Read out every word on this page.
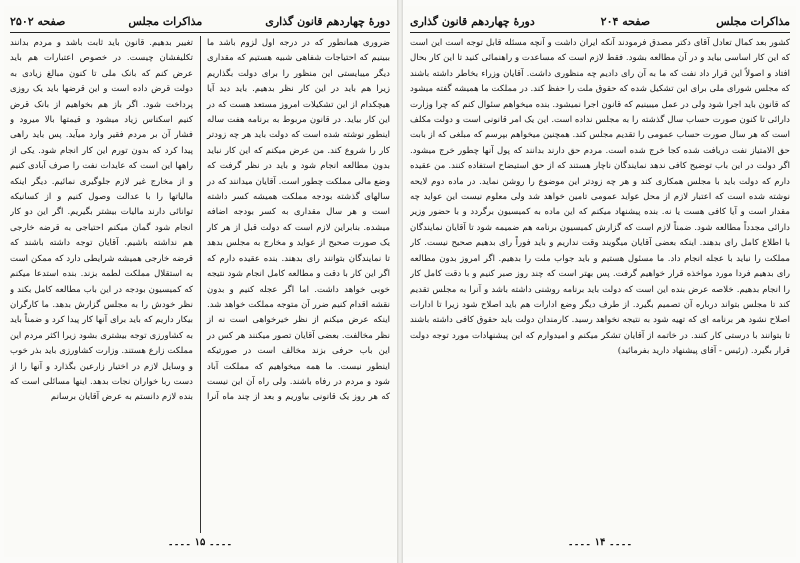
دورهٔ چهاردهم قانون گذاری
مذاکرات مجلس
صفحه ۲۵۰۲
ضروری همانطور که در درجه اول لزوم باشد ما ببینیم که احتیاجات شفاهی شبیه هستیم که مقداری دیگر میبایستی این منظور را برای دولت بگذاریم زیرا هم باید در این کار نظر بدهیم. باید دید آیا هیچکدام از این تشکیلات امروز مستعد هست که در این کار بیاید. در قانون مربوط به برنامه هفت ساله اینطور نوشته شده است که دولت باید هر چه زودتر کار را شروع کند. من عرض میکنم که این کار نباید بدون مطالعه انجام شود و باید در نظر گرفت که وضع مالی مملکت چطور است. آقایان میدانند که در سالهای گذشته بودجه مملکت همیشه کسر داشته است و هر سال مقداری به کسر بودجه اضافه میشده. بنابراین لازم است که دولت قبل از هر کار یک صورت صحیح از عواید و مخارج به مجلس بدهد تا نمایندگان بتوانند رای بدهند. بنده عقیده دارم که اگر این کار با دقت و مطالعه کامل انجام شود نتیجه خوبی خواهد داشت. اما اگر عجله کنیم و بدون نقشه اقدام کنیم ضرر آن متوجه مملکت خواهد شد. اینکه عرض میکنم از نظر خیرخواهی است نه از نظر مخالفت. بعضی آقایان تصور میکنند هر کس در این باب حرفی بزند مخالف است در صورتیکه اینطور نیست. ما همه میخواهیم که مملکت آباد شود و مردم در رفاه باشند. ولی راه آن این نیست که هر روز یک قانونی بیاوریم و بعد از چند ماه آنرا تغییر بدهیم. قانون باید ثابت باشد و مردم بدانند تکلیفشان چیست. در خصوص اعتبارات هم باید عرض کنم که بانک ملی تا کنون مبالغ زیادی به دولت قرض داده است و این قرضها باید یک روزی پرداخت شود. اگر باز هم بخواهیم از بانک قرض کنیم اسکناس زیاد میشود و قیمتها بالا میرود و فشار آن بر مردم فقیر وارد میآید. پس باید راهی پیدا کرد که بدون تورم این کار انجام شود. یکی از راهها این است که عایدات نفت را صرف آبادی کنیم و از مخارج غیر لازم جلوگیری نمائیم. دیگر اینکه مالیاتها را با عدالت وصول کنیم و از کسانیکه توانائی دارند مالیات بیشتر بگیریم. اگر این دو کار انجام شود گمان میکنم احتیاجی به قرضه خارجی هم نداشته باشیم. آقایان توجه داشته باشند که قرضه خارجی همیشه شرایطی دارد که ممکن است به استقلال مملکت لطمه بزند. بنده استدعا میکنم که کمیسیون بودجه در این باب مطالعه کامل بکند و نظر خودش را به مجلس گزارش بدهد. ما کارگران بیکار داریم که باید برای آنها کار پیدا کرد و ضمناً باید به کشاورزی توجه بیشتری بشود زیرا اکثر مردم این مملکت زارع هستند. وزارت کشاورزی باید بذر خوب و وسایل لازم در اختیار زارعین بگذارد و آنها را از دست ربا خواران نجات بدهد. اینها مسائلی است که بنده لازم دانستم به عرض آقایان برسانم
۔۔۔۔ ۱۵ ۔۔۔۔
مذاکرات مجلس
صفحه ۲۰۴
دورهٔ چهاردهم قانون گذاری
کشور بعد کمال تعادل آقای دکتر مصدق فرمودند آنکه ایران داشت و آنچه مسئله قابل توجه است این است که این کار اساسی بیاید و در آن مطالعه بشود. فقط لازم است که مساعدت و راهنمائی کنید تا این کار بحال افتاد و اصولاً این قرار داد نفت که ما به آن رای دادیم چه منظوری داشت. آقایان وزراء بخاطر داشته باشند که مجلس شورای ملی برای این تشکیل شده که حقوق ملت را حفظ کند. در مملکت ما همیشه گفته میشود که قانون باید اجرا شود ولی در عمل میبینیم که قانون اجرا نمیشود. بنده میخواهم سئوال کنم که چرا وزارت دارائی تا کنون صورت حساب سال گذشته را به مجلس نداده است. این یک امر قانونی است و دولت مکلف است که هر سال صورت حساب عمومی را تقدیم مجلس کند. همچنین میخواهم بپرسم که مبلغی که از بابت حق الامتیاز نفت دریافت شده کجا خرج شده است. مردم حق دارند بدانند که پول آنها چطور خرج میشود. اگر دولت در این باب توضیح کافی ندهد نمایندگان ناچار هستند که از حق استیضاح استفاده کنند. من عقیده دارم که دولت باید با مجلس همکاری کند و هر چه زودتر این موضوع را روشن نماید. در ماده دوم لایحه نوشته شده است که اعتبار لازم از محل عواید عمومی تامین خواهد شد ولی معلوم نیست این عواید چه مقدار است و آیا کافی هست یا نه. بنده پیشنهاد میکنم که این ماده به کمیسیون برگردد و با حضور وزیر دارائی مجدداً مطالعه شود. ضمناً لازم است که گزارش کمیسیون برنامه هم ضمیمه شود تا آقایان نمایندگان با اطلاع کامل رای بدهند. اینکه بعضی آقایان میگویند وقت نداریم و باید فوراً رای بدهیم صحیح نیست. کار مملکت را نباید با عجله انجام داد. ما مسئول هستیم و باید جواب ملت را بدهیم. اگر امروز بدون مطالعه رای بدهیم فردا مورد مواخذه قرار خواهیم گرفت. پس بهتر است که چند روز صبر کنیم و با دقت کامل کار را انجام بدهیم. خلاصه عرض بنده این است که دولت باید برنامه روشنی داشته باشد و آنرا به مجلس تقدیم کند تا مجلس بتواند درباره آن تصمیم بگیرد. از طرف دیگر وضع ادارات هم باید اصلاح شود زیرا تا ادارات اصلاح نشود هر برنامه ای که تهیه شود به نتیجه نخواهد رسید. کارمندان دولت باید حقوق کافی داشته باشند تا بتوانند با درستی کار کنند. در خاتمه از آقایان تشکر میکنم و امیدوارم که این پیشنهادات مورد توجه دولت قرار بگیرد. (رئیس - آقای پیشنهاد دارید بفرمائید)
۔۔۔۔ ۱۴ ۔۔۔۔
